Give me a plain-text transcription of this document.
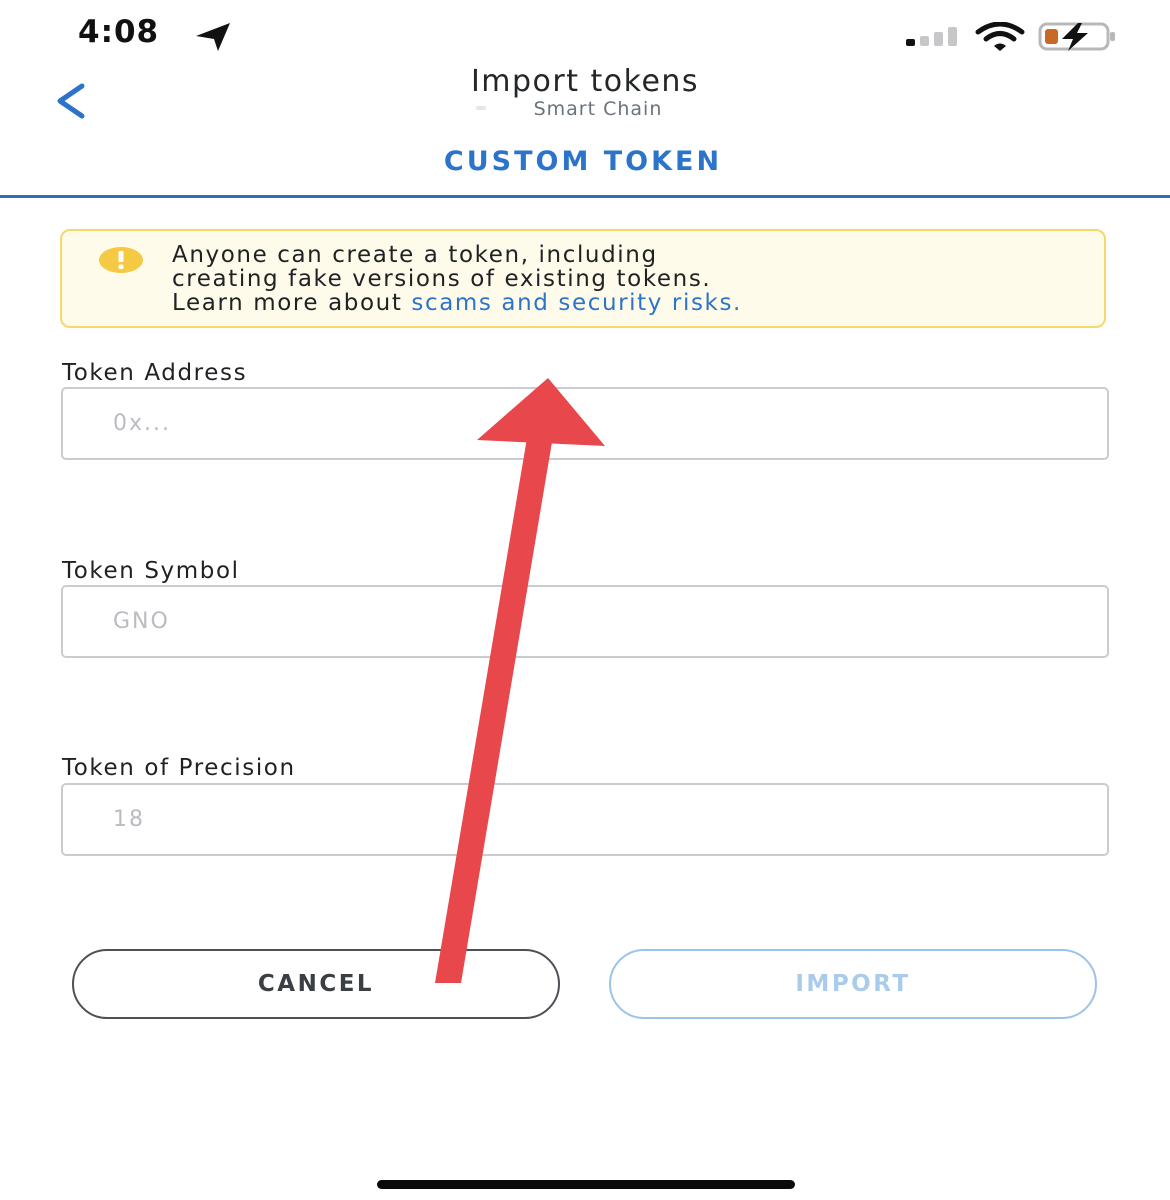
4:08
Import tokens
Smart Chain
CUSTOM TOKEN
Anyone can create a token, including
creating fake versions of existing tokens.
Learn more about scams and security risks.
Token Address
0x...
Token Symbol
GNO
Token of Precision
18
CANCEL	IMPORT
